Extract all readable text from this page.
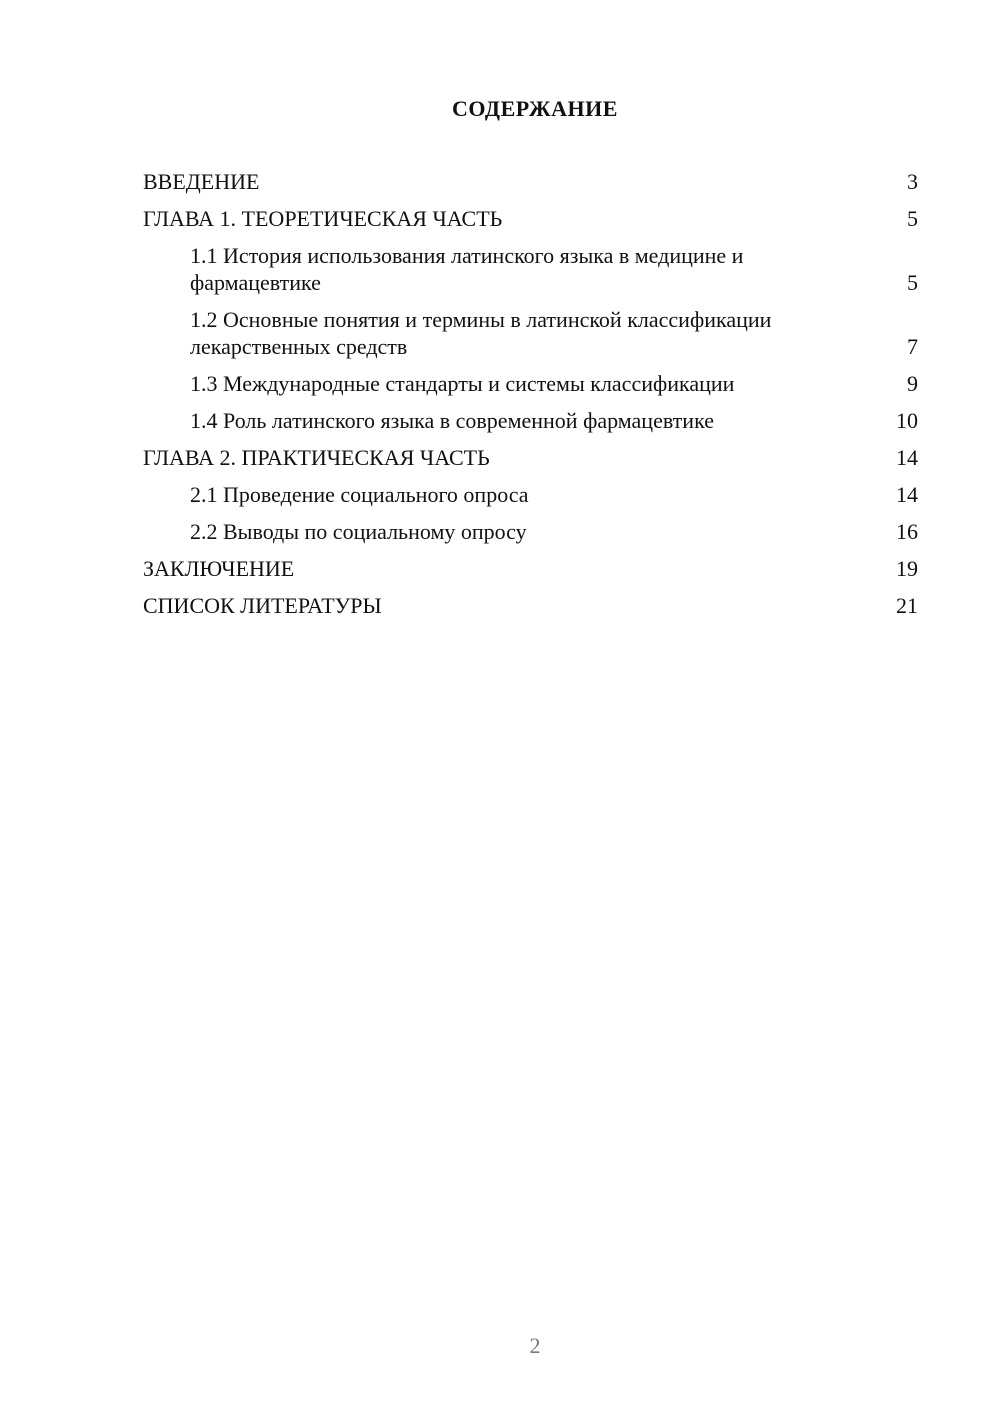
СОДЕРЖАНИЕ
ВВЕДЕНИЕ	3
ГЛАВА 1. ТЕОРЕТИЧЕСКАЯ ЧАСТЬ	5
1.1 История использования латинского языка в медицине и фармацевтике	5
1.2 Основные понятия и термины в латинской классификации лекарственных средств	7
1.3 Международные стандарты и системы классификации	9
1.4 Роль латинского языка в современной фармацевтике	10
ГЛАВА 2. ПРАКТИЧЕСКАЯ ЧАСТЬ	14
2.1 Проведение социального опроса	14
2.2 Выводы по социальному опросу	16
ЗАКЛЮЧЕНИЕ	19
СПИСОК ЛИТЕРАТУРЫ	21
2
